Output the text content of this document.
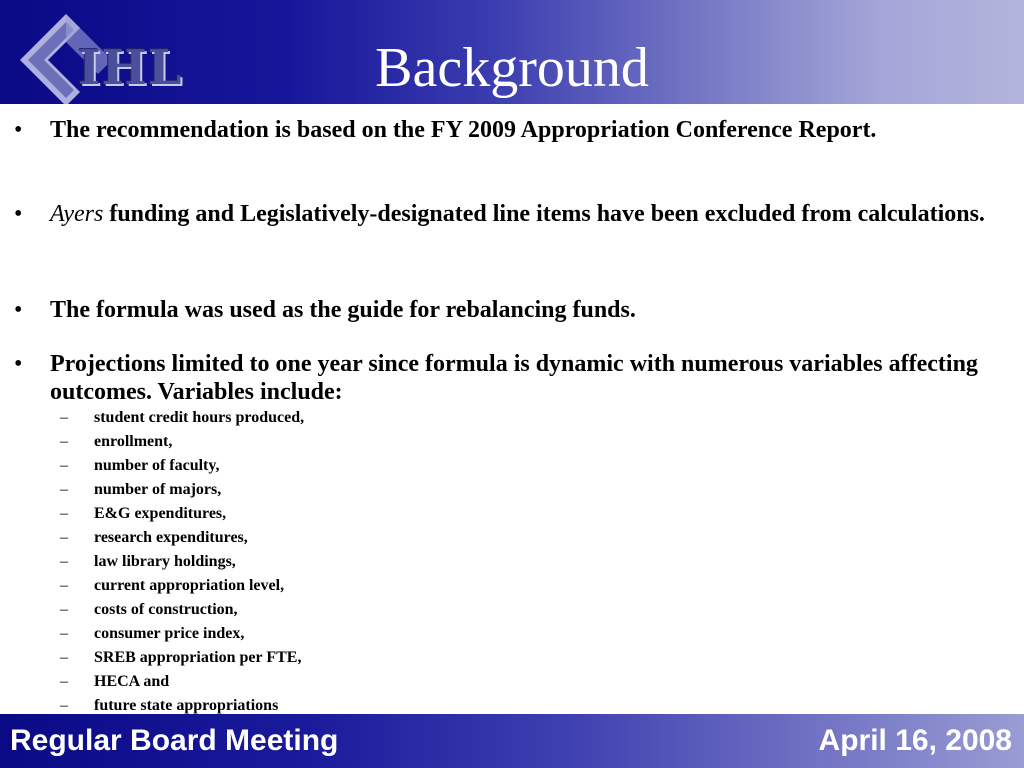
IHL	Background
•	The recommendation is based on the FY 2009 Appropriation Conference Report.
•	Ayers funding and Legislatively-designated line items have been excluded from calculations.
•	The formula was used as the guide for rebalancing funds.
•	Projections limited to one year since formula is dynamic with numerous variables affecting outcomes. Variables include:
– student credit hours produced,
– enrollment,
– number of faculty,
– number of majors,
– E&G expenditures,
– research expenditures,
– law library holdings,
– current appropriation level,
– costs of construction,
– consumer price index,
– SREB appropriation per FTE,
– HECA and
– future state appropriations
Regular Board Meeting	April 16, 2008
